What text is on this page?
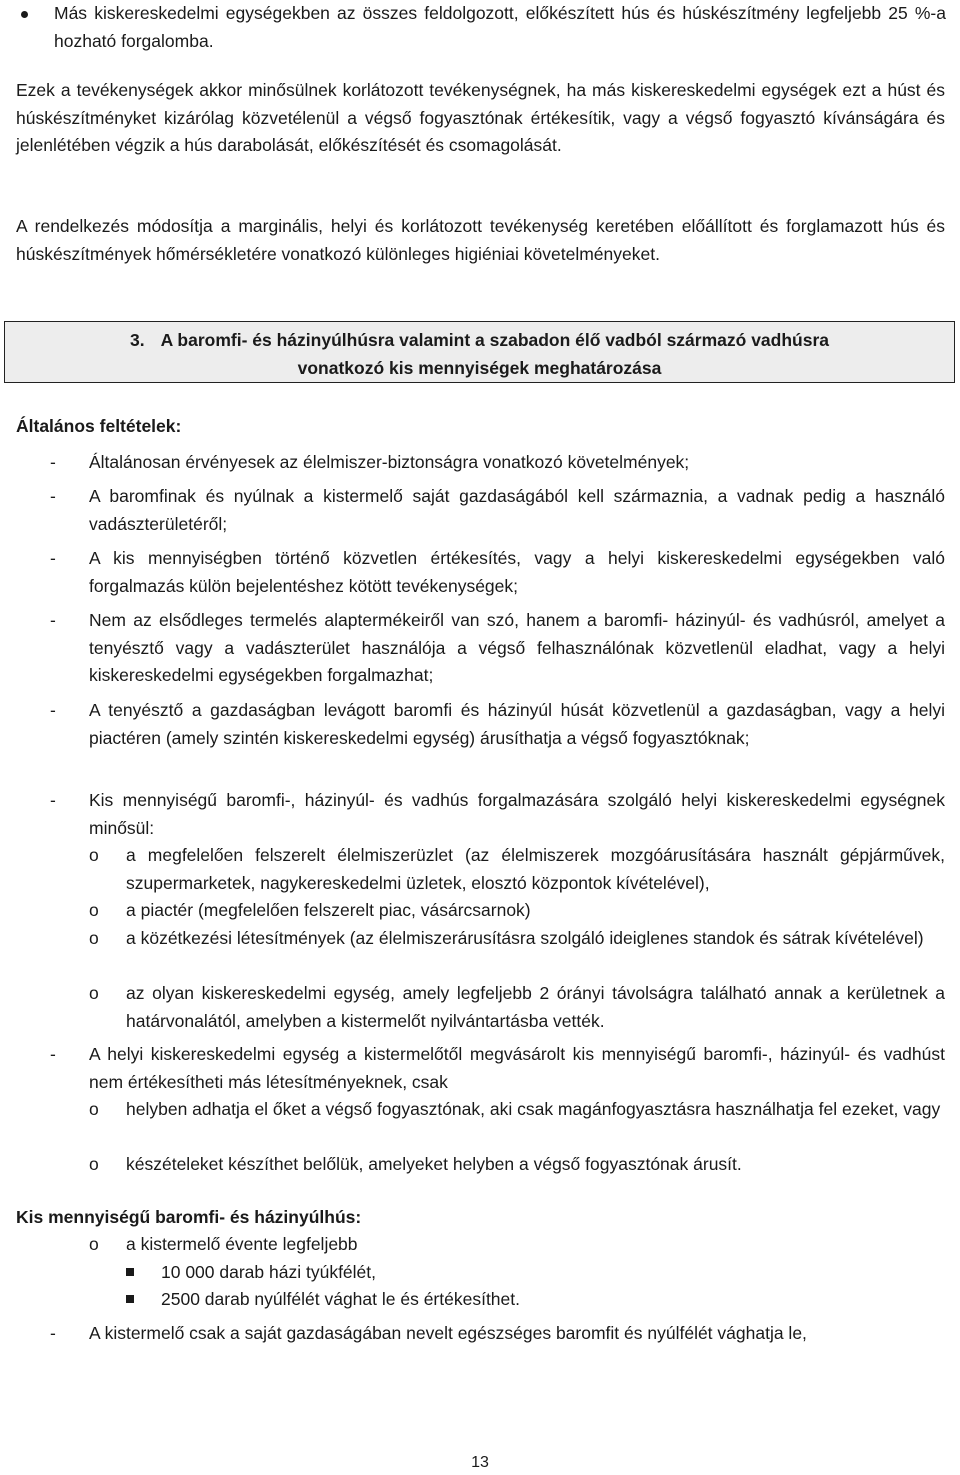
Más kiskereskedelmi egységekben az összes feldolgozott, előkészített hús és húskészítmény legfeljebb 25 %-a hozható forgalomba.
Ezek a tevékenységek akkor minősülnek korlátozott tevékenységnek, ha más kiskereskedelmi egységek ezt a húst és húskészítményket kizárólag közvetélenül a végső fogyasztónak értékesítik, vagy a végső fogyasztó kívánságára és jelenlétében végzik a hús darabolását, előkészítését és csomagolását.
A rendelkezés módosítja a marginális, helyi és korlátozott tevékenység keretében előállított és forglamazott hús és húskészítmények hőmérsékletére vonatkozó különleges higiéniai követelményeket.
3. A baromfi- és házinyúlhúsra valamint a szabadon élő vadból származó vadhúsra
vonatkozó kis mennyiségek meghatározása
Általános feltételek:
- Általánosan érvényesek az élelmiszer-biztonságra vonatkozó követelmények;
- A baromfinak és nyúlnak a kistermelő saját gazdaságából kell származnia, a vadnak pedig a használó vadászterületéről;
- A kis mennyiségben történő közvetlen értékesítés, vagy a helyi kiskereskedelmi egységekben való forgalmazás külön bejelentéshez kötött tevékenységek;
- Nem az elsődleges termelés alaptermékeiről van szó, hanem a baromfi- házinyúl- és vadhúsról, amelyet a tenyésztő vagy a vadászterület használója a végső felhasználónak közvetlenül eladhat, vagy a helyi kiskereskedelmi egységekben forgalmazhat;
- A tenyésztő a gazdaságban levágott baromfi és házinyúl húsát közvetlenül a gazdaságban, vagy a helyi piactéren (amely szintén kiskereskedelmi egység) árusíthatja a végső fogyasztóknak;
- Kis mennyiségű baromfi-, házinyúl- és vadhús forgalmazására szolgáló helyi kiskereskedelmi egységnek minősül:
o a megfelelően felszerelt élelmiszerüzlet (az élelmiszerek mozgóárusítására használt gépjárművek, szupermarketek, nagykereskedelmi üzletek, elosztó központok kívételével),
o a piactér (megfelelően felszerelt piac, vásárcsarnok)
o a közétkezési létesítmények (az élelmiszerárusításra szolgáló ideiglenes standok és sátrak kívételével)
o az olyan kiskereskedelmi egység, amely legfeljebb 2 órányi távolságra található annak a kerületnek a határvonalától, amelyben a kistermelőt nyilvántartásba vették.
- A helyi kiskereskedelmi egység a kistermelőtől megvásárolt kis mennyiségű baromfi-, házinyúl- és vadhúst nem értékesítheti más létesítményeknek, csak
o helyben adhatja el őket a végső fogyasztónak, aki csak magánfogyasztásra használhatja fel ezeket, vagy
o készételeket készíthet belőlük, amelyeket helyben a végső fogyasztónak árusít.
Kis mennyiségű baromfi- és házinyúlhús:
o a kistermelő évente legfeljebb
10 000 darab házi tyúkfélét,
2500 darab nyúlfélét vághat le és értékesíthet.
- A kistermelő csak a saját gazdaságában nevelt egészséges baromfit és nyúlfélét vághatja le,
13
